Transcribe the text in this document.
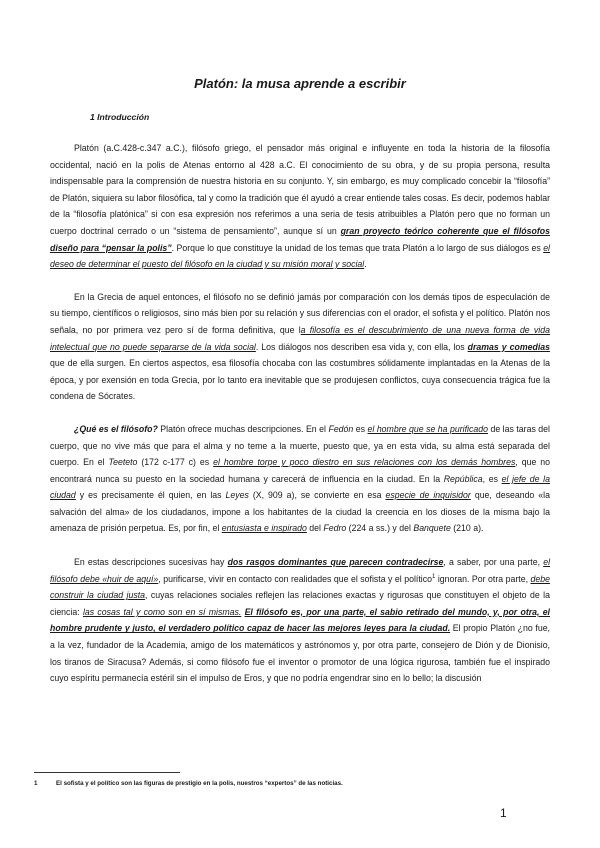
Platón: la musa aprende a escribir
1 Introducción

Platón (a.C.428-c.347 a.C.), filósofo griego, el pensador más original e influyente en toda la historia de la filosofía occidental, nació en la polis de Atenas entorno al 428 a.C. El conocimiento de su obra, y de su propia persona, resulta indispensable para la comprensión de nuestra historia en su conjunto. Y, sin embargo, es muy complicado concebir la “filosofía” de Platón, siquiera su labor filosófica, tal y como la tradición que él ayudó a crear entiende tales cosas. Es decir, podemos hablar de la “filosofía platónica” si con esa expresión nos referimos a una seria de tesis atribuibles a Platón pero que no forman un cuerpo doctrinal cerrado o un “sistema de pensamiento”, aunque sí un gran proyecto teórico coherente que el filósofos diseño para “pensar la polis”. Porque lo que constituye la unidad de los temas que trata Platón a lo largo de sus diálogos es el deseo de determinar el puesto del filósofo en la ciudad y su misión moral y social.

En la Grecia de aquel entonces, el filósofo no se definió jamás por comparación con los demás tipos de especulación de su tiempo, científicos o religiosos, sino más bien por su relación y sus diferencias con el orador, el sofista y el político. Platón nos señala, no por primera vez pero sí de forma definitiva, que la filosofía es el descubrimiento de una nueva forma de vida intelectual que no puede separarse de la vida social. Los diálogos nos describen esa vida y, con ella, los dramas y comedias que de ella surgen. En ciertos aspectos, esa filosofía chocaba con las costumbres sólidamente implantadas en la Atenas de la época, y por exensión en toda Grecia, por lo tanto era inevitable que se produjesen conflictos, cuya consecuencia trágica fue la condena de Sócrates.

¿Qué es el filósofo? Platón ofrece muchas descripciones. En el Fedón es el hombre que se ha purificado de las taras del cuerpo, que no vive más que para el alma y no teme a la muerte, puesto que, ya en esta vida, su alma está separada del cuerpo. En el Teeteto (172 c-177 c) es el hombre torpe y poco diestro en sus relaciones con los demás hombres, que no encontrará nunca su puesto en la sociedad humana y carecerá de influencia en la ciudad. En la República, es el jefe de la ciudad y es precisamente él quien, en las Leyes (X, 909 a), se convierte en esa especie de inquisidor que, deseando «la salvación del alma» de los ciudadanos, impone a los habitantes de la ciudad la creencia en los dioses de la misma bajo la amenaza de prisión perpetua. Es, por fin, el entusiasta e inspirado del Fedro (224 a ss.) y del Banquete (210 a).

En estas descripciones sucesivas hay dos rasgos dominantes que parecen contradecirse, a saber, por una parte, el filósofo debe «huir de aquí», purificarse, vivir en contacto con realidades que el sofista y el político$^1$ ignoran. Por otra parte, debe construir la ciudad justa, cuyas relaciones sociales reflejen las relaciones exactas y rigurosas que constituyen el objeto de la ciencia: las cosas tal y como son en sí mismas. El filósofo es, por una parte, el sabio retirado del mundo, y, por otra, el hombre prudente y justo, el verdadero político capaz de hacer las mejores leyes para la ciudad. El propio Platón ¿no fue, a la vez, fundador de la Academia, amigo de los matemáticos y astrónomos y, por otra parte, consejero de Dión y de Dionisio, los tiranos de Siracusa? Además, si como filósofo fue el inventor o promotor de una lógica rigurosa, también fue el inspirado cuyo espíritu permanecía estéril sin el impulso de Eros, y que no podría engendrar sino en lo bello; la discusión

1	El sofista y el político son las figuras de prestigio en la polis, nuestros “expertos” de las noticias.
1
